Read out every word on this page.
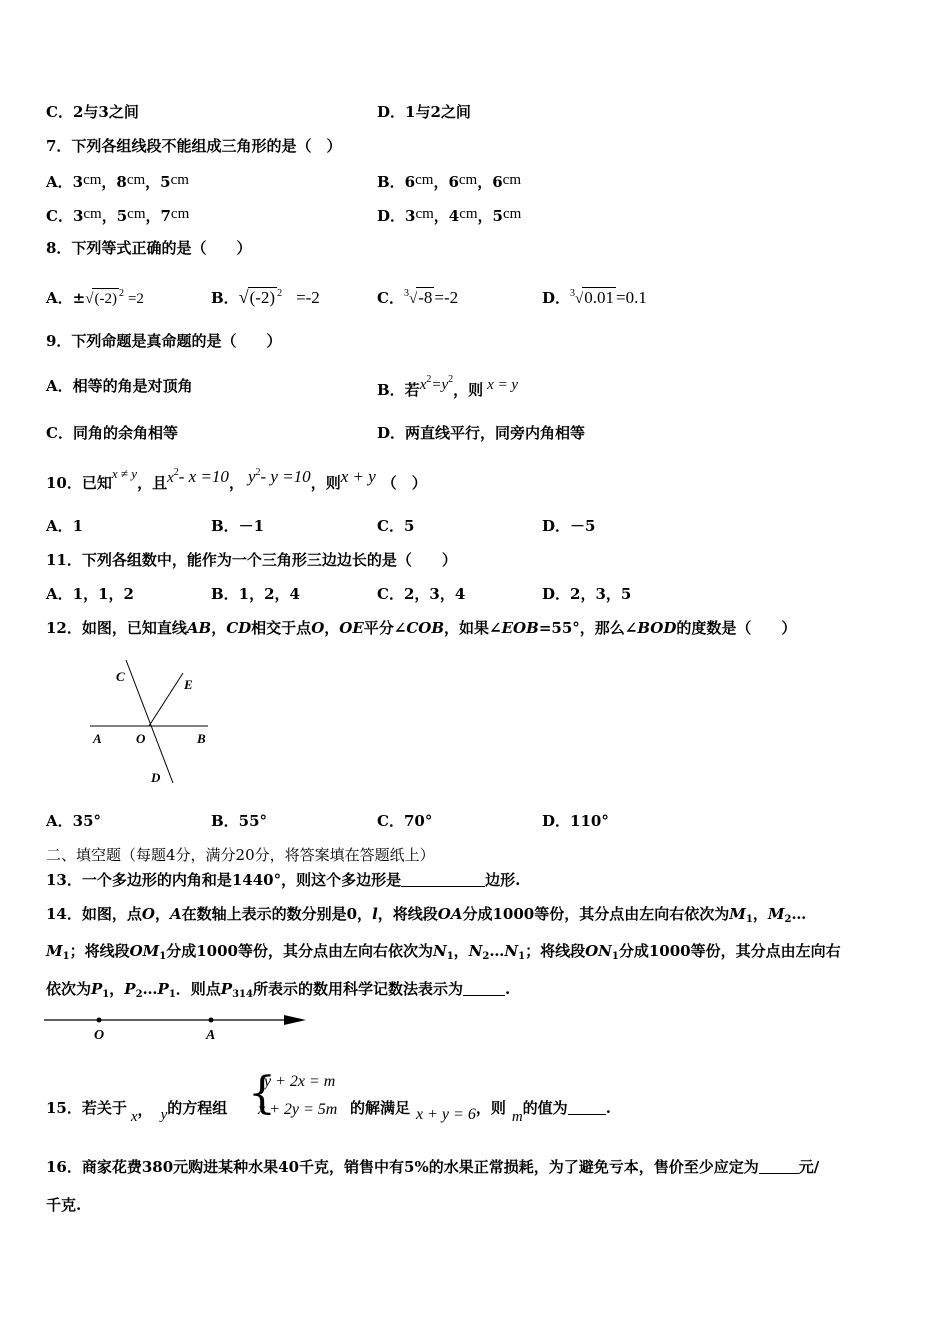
C．2与3之间	D．1与2之间
7．下列各组线段不能组成三角形的是（　）
A．3cm，8cm，5cm	B．6cm，6cm，6cm
C．3cm，5cm，7cm	D．3cm，4cm，5cm
8．下列等式正确的是（　　）
A．±√(-2) $^2$ =2	B．√(-2) $^2$ =-2	C．$^3$√-8 =-2	D．$^3$√0.01 =0.1
9．下列命题是真命题的是（　　）
A．相等的角是对顶角	B．若$x^2=y^2$，则 x = y
C．同角的余角相等	D．两直线平行，同旁内角相等
10．已知x ≠ y，且$x^2-$ x =10， $y^2-$ y =10，则x + y （　）
A．1	B．－1	C．5	D．－5
11．下列各组数中，能作为一个三角形三边边长的是（　　）
A．1，1，2	B．1，2，4	C．2，3，4	D．2，3，5
12．如图，已知直线AB，CD相交于点O，OE平分∠COB，如果∠EOB=55°，那么∠BOD的度数是（　　）
C
E
A	O	B
D
A．35°	B．55°	C．70°	D．110°
二、填空题（每题4分，满分20分，将答案填在答题纸上）
13．一个多边形的内角和是1440°，则这个多边形是	边形.
14．如图，点O，A在数轴上表示的数分别是0，l，将线段OA分成1000等份，其分点由左向右依次为$M_1$，$M_2\dots$
$M_1$；将线段$OM_1$分成1000等份，其分点由左向右依次为$N_1$，$N_2\dots N_1$；将线段$ON_1$分成1000等份，其分点由左向右
依次为$P_1$，$P_2\dots P_1$．则点$P_{314}$所表示的数用科学记数法表示为	.
O	A
15．若关于 x， y的方程组 {
y + 2x = m
x + 2y = 5m 的解满足 x + y = 6，则 m的值为	.
16．商家花费380元购进某种水果40千克，销售中有5%的水果正常损耗，为了避免亏本，售价至少应定为	元/
千克.
